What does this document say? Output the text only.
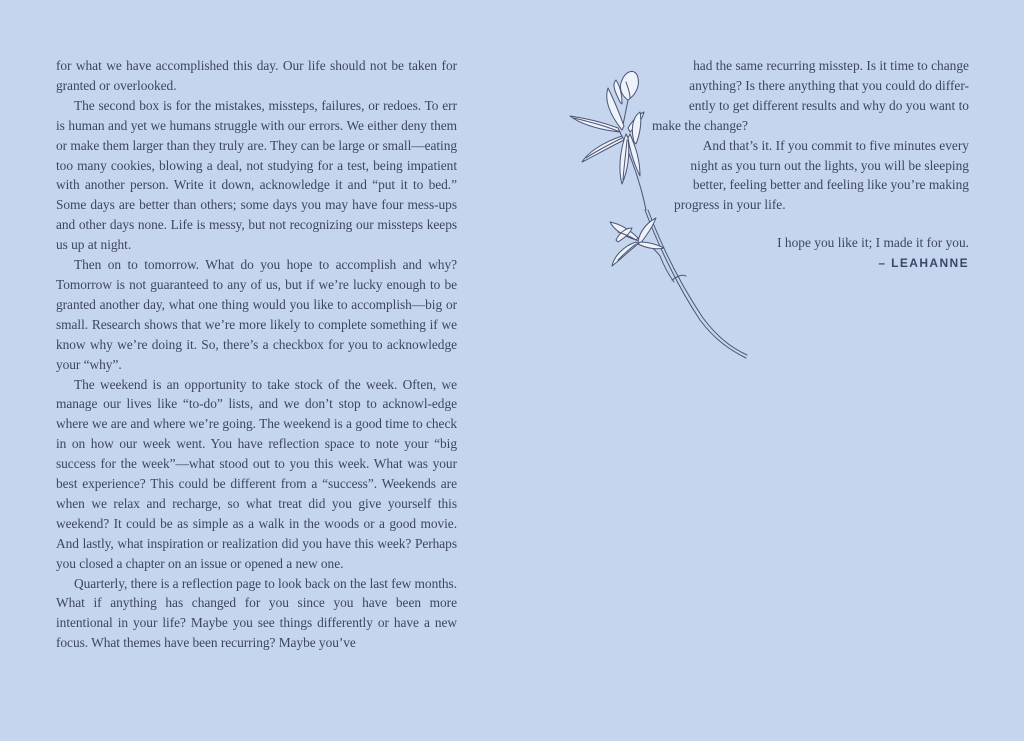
for what we have accomplished this day. Our life should not be taken for granted or overlooked.

The second box is for the mistakes, missteps, failures, or redoes. To err is human and yet we humans struggle with our errors. We either deny them or make them larger than they truly are. They can be large or small—eating too many cookies, blowing a deal, not studying for a test, being impatient with another person. Write it down, acknowledge it and “put it to bed.” Some days are better than others; some days you may have four mess-ups and other days none. Life is messy, but not recognizing our missteps keeps us up at night.

Then on to tomorrow. What do you hope to accomplish and why? Tomorrow is not guaranteed to any of us, but if we’re lucky enough to be granted another day, what one thing would you like to accomplish—big or small. Research shows that we’re more likely to complete something if we know why we’re doing it. So, there’s a checkbox for you to acknowledge your “why”.

The weekend is an opportunity to take stock of the week. Often, we manage our lives like “to-do” lists, and we don’t stop to acknowl-edge where we are and where we’re going. The weekend is a good time to check in on how our week went. You have reflection space to note your “big success for the week”—what stood out to you this week. What was your best experience? This could be different from a “success”. Weekends are when we relax and recharge, so what treat did you give yourself this weekend? It could be as simple as a walk in the woods or a good movie. And lastly, what inspiration or realization did you have this week? Perhaps you closed a chapter on an issue or opened a new one.

Quarterly, there is a reflection page to look back on the last few months. What if anything has changed for you since you have been more intentional in your life? Maybe you see things differently or have a new focus. What themes have been recurring? Maybe you’ve

had the same recurring misstep. Is it time to change
anything? Is there anything that you could do differ-
ently to get different results and why do you want to
make the change?

And that’s it. If you commit to five minutes every
night as you turn out the lights, you will be sleeping
better, feeling better and feeling like you’re making
progress in your life.

I hope you like it; I made it for you.

– LEAHANNE
